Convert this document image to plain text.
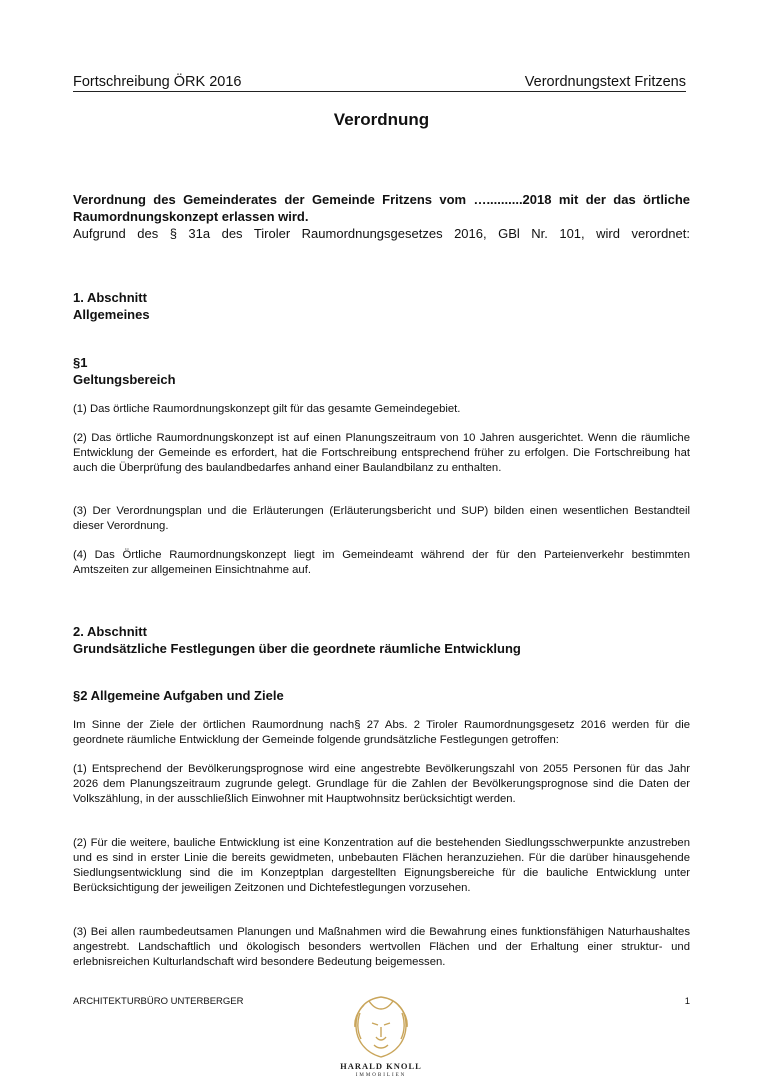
Fortschreibung ÖRK 2016	Verordnungstext Fritzens
Verordnung
Verordnung des Gemeinderates der Gemeinde Fritzens vom …..........2018 mit der das örtliche Raumordnungskonzept erlassen wird.
Aufgrund des § 31a des Tiroler Raumordnungsgesetzes 2016, GBl Nr. 101, wird verordnet:
1. Abschnitt
Allgemeines
§1
Geltungsbereich
(1) Das örtliche Raumordnungskonzept gilt für das gesamte Gemeindegebiet.
(2) Das örtliche Raumordnungskonzept ist auf einen Planungszeitraum von 10 Jahren ausgerichtet. Wenn die räumliche Entwicklung der Gemeinde es erfordert, hat die Fortschreibung entsprechend früher zu erfolgen. Die Fortschreibung hat auch die Überprüfung des baulandbedarfes anhand einer Baulandbilanz zu enthalten.
(3) Der Verordnungsplan und die Erläuterungen (Erläuterungsbericht und SUP) bilden einen wesentlichen Bestandteil dieser Verordnung.
(4) Das Örtliche Raumordnungskonzept liegt im Gemeindeamt während der für den Parteienverkehr bestimmten Amtszeiten zur allgemeinen Einsichtnahme auf.
2. Abschnitt
Grundsätzliche Festlegungen über die geordnete räumliche Entwicklung
§2 Allgemeine Aufgaben und Ziele
Im Sinne der Ziele der örtlichen Raumordnung nach§ 27 Abs. 2 Tiroler Raumordnungsgesetz 2016 werden für die geordnete räumliche Entwicklung der Gemeinde folgende grundsätzliche Festlegungen getroffen:
(1) Entsprechend der Bevölkerungsprognose wird eine angestrebte Bevölkerungszahl von 2055 Personen für das Jahr 2026 dem Planungszeitraum zugrunde gelegt. Grundlage für die Zahlen der Bevölkerungsprognose sind die Daten der Volkszählung, in der ausschließlich Einwohner mit Hauptwohnsitz berücksichtigt werden.
(2) Für die weitere, bauliche Entwicklung ist eine Konzentration auf die bestehenden Siedlungsschwerpunkte anzustreben und es sind in erster Linie die bereits gewidmeten, unbebauten Flächen heranzuziehen. Für die darüber hinausgehende Siedlungsentwicklung sind die im Konzeptplan dargestellten Eignungsbereiche für die bauliche Entwicklung unter Berücksichtigung der jeweiligen Zeitzonen und Dichtefestlegungen vorzusehen.
(3) Bei allen raumbedeutsamen Planungen und Maßnahmen wird die Bewahrung eines funktionsfähigen Naturhaushaltes angestrebt. Landschaftlich und ökologisch besonders wertvollen Flächen und der Erhaltung einer struktur- und erlebnisreichen Kulturlandschaft wird besondere Bedeutung beigemessen.
ARCHITEKTURBÜRO UNTERBERGER	1
HARALD KNOLL
IMMOBILIEN
